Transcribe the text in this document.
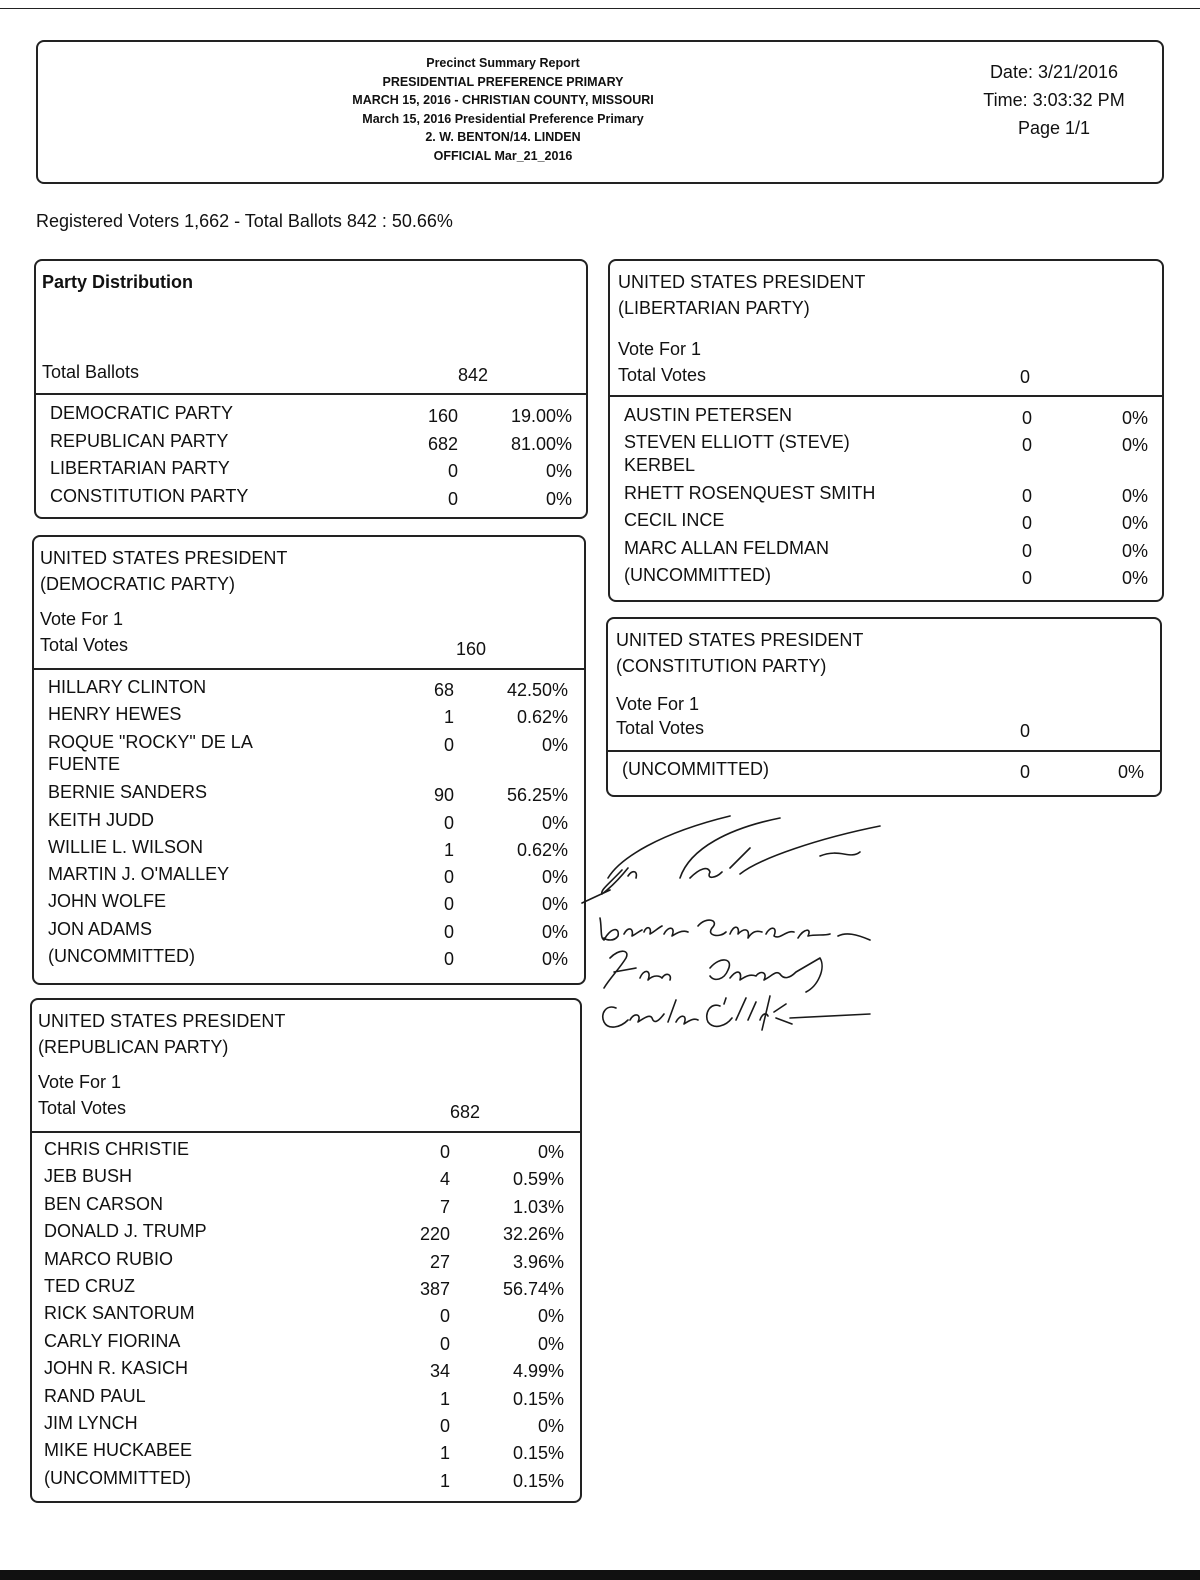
Precinct Summary Report
PRESIDENTIAL PREFERENCE PRIMARY
MARCH 15, 2016 - CHRISTIAN COUNTY, MISSOURI
March 15, 2016 Presidential Preference Primary
2. W. BENTON/14. LINDEN
OFFICIAL Mar_21_2016
Date: 3/21/2016
Time: 3:03:32 PM
Page 1/1
Registered Voters 1,662 - Total Ballots 842 : 50.66%
Party Distribution
Total Ballots	842
DEMOCRATIC PARTY	160	19.00%
REPUBLICAN PARTY	682	81.00%
LIBERTARIAN PARTY	0	0%
CONSTITUTION PARTY	0	0%
UNITED STATES PRESIDENT
(DEMOCRATIC PARTY)
Vote For 1
Total Votes	160
HILLARY CLINTON	68	42.50%
HENRY HEWES	1	0.62%
ROQUE "ROCKY" DE LA	0	0%
FUENTE
BERNIE SANDERS	90	56.25%
KEITH JUDD	0	0%
WILLIE L. WILSON	1	0.62%
MARTIN J. O'MALLEY	0	0%
JOHN WOLFE	0	0%
JON ADAMS	0	0%
(UNCOMMITTED)	0	0%
UNITED STATES PRESIDENT
(REPUBLICAN PARTY)
Vote For 1
Total Votes	682
CHRIS CHRISTIE	0	0%
JEB BUSH	4	0.59%
BEN CARSON	7	1.03%
DONALD J. TRUMP	220	32.26%
MARCO RUBIO	27	3.96%
TED CRUZ	387	56.74%
RICK SANTORUM	0	0%
CARLY FIORINA	0	0%
JOHN R. KASICH	34	4.99%
RAND PAUL	1	0.15%
JIM LYNCH	0	0%
MIKE HUCKABEE	1	0.15%
(UNCOMMITTED)	1	0.15%
UNITED STATES PRESIDENT
(LIBERTARIAN PARTY)
Vote For 1
Total Votes	0
AUSTIN PETERSEN	0	0%
STEVEN ELLIOTT (STEVE)	0	0%
KERBEL
RHETT ROSENQUEST SMITH	0	0%
CECIL INCE	0	0%
MARC ALLAN FELDMAN	0	0%
(UNCOMMITTED)	0	0%
UNITED STATES PRESIDENT
(CONSTITUTION PARTY)
Vote For 1
Total Votes	0
(UNCOMMITTED)	0	0%
